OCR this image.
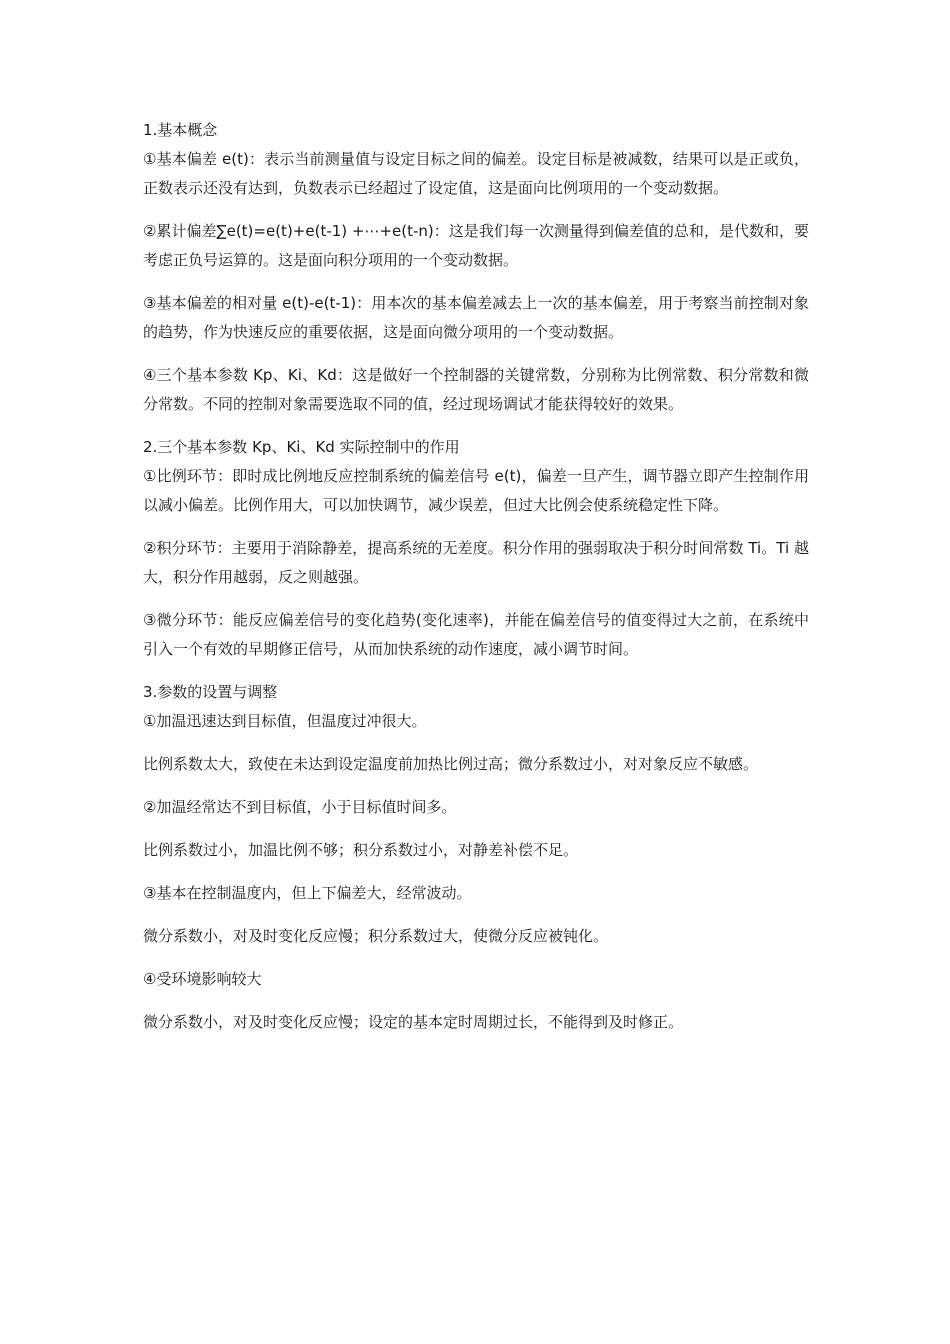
1.基本概念

①基本偏差 e(t)：表示当前测量值与设定目标之间的偏差。设定目标是被减数，结果可以是正或负，正数表示还没有达到，负数表示已经超过了设定值，这是面向比例项用的一个变动数据。

②累计偏差∑e(t)=e(t)+e(t-1) +⋯+e(t-n)：这是我们每一次测量得到偏差值的总和，是代数和，要考虑正负号运算的。这是面向积分项用的一个变动数据。

③基本偏差的相对量 e(t)-e(t-1)：用本次的基本偏差减去上一次的基本偏差，用于考察当前控制对象的趋势，作为快速反应的重要依据，这是面向微分项用的一个变动数据。

④三个基本参数 Kp、Ki、Kd：这是做好一个控制器的关键常数，分别称为比例常数、积分常数和微分常数。不同的控制对象需要选取不同的值，经过现场调试才能获得较好的效果。

2.三个基本参数 Kp、Ki、Kd 实际控制中的作用

①比例环节：即时成比例地反应控制系统的偏差信号 e(t)，偏差一旦产生，调节器立即产生控制作用以减小偏差。比例作用大，可以加快调节，减少误差，但过大比例会使系统稳定性下降。

②积分环节：主要用于消除静差，提高系统的无差度。积分作用的强弱取决于积分时间常数 Ti。Ti 越大，积分作用越弱，反之则越强。

③微分环节：能反应偏差信号的变化趋势(变化速率)，并能在偏差信号的值变得过大之前，在系统中引入一个有效的早期修正信号，从而加快系统的动作速度，减小调节时间。

3.参数的设置与调整

①加温迅速达到目标值，但温度过冲很大。

比例系数太大，致使在未达到设定温度前加热比例过高；微分系数过小，对对象反应不敏感。

②加温经常达不到目标值，小于目标值时间多。

比例系数过小，加温比例不够；积分系数过小，对静差补偿不足。

③基本在控制温度内，但上下偏差大，经常波动。

微分系数小，对及时变化反应慢；积分系数过大，使微分反应被钝化。

④受环境影响较大

微分系数小，对及时变化反应慢；设定的基本定时周期过长，不能得到及时修正。
